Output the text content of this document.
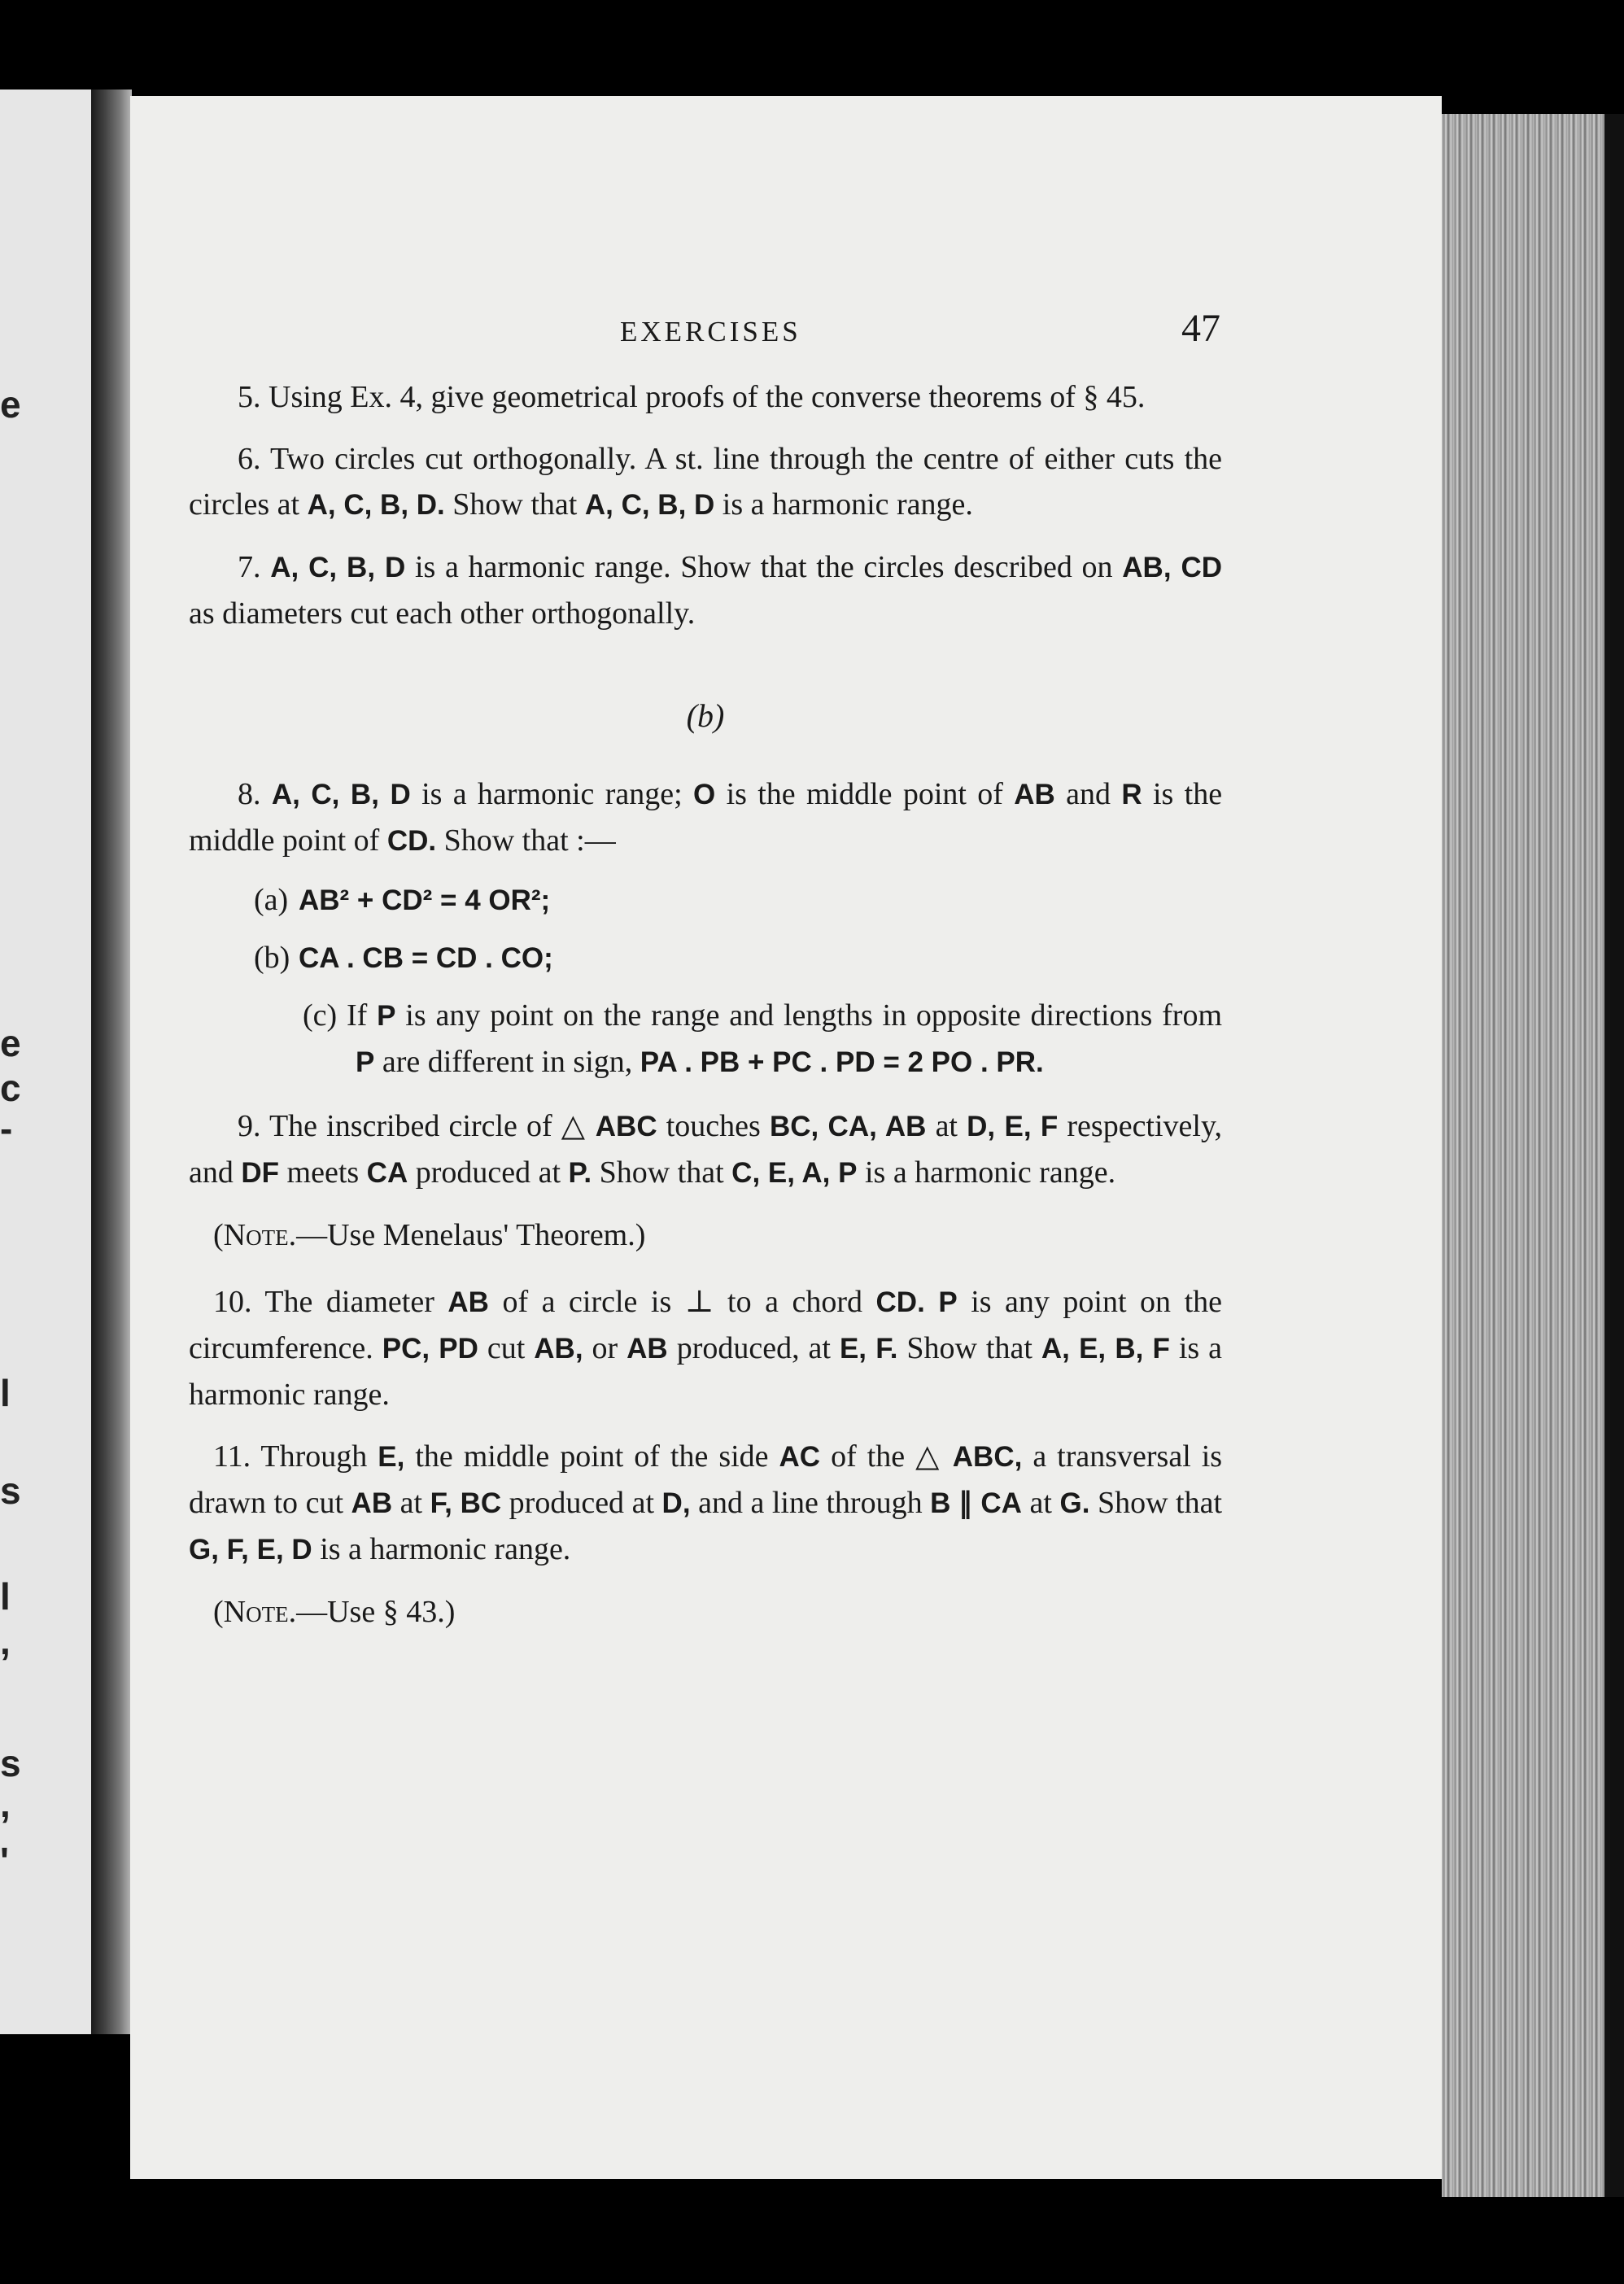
e
e
c
-
l
s
l
,
s
,
'
EXERCISES	47

5. Using Ex. 4, give geometrical proofs of the converse theorems of § 45.

6. Two circles cut orthogonally. A st. line through the centre of either cuts the circles at A, C, B, D. Show that A, C, B, D is a harmonic range.

7. A, C, B, D is a harmonic range. Show that the circles described on AB, CD as diameters cut each other orthogonally.

(b)

8. A, C, B, D is a harmonic range; O is the middle point of AB and R is the middle point of CD. Show that :—

(a) AB² + CD² = 4 OR²;

(b) CA . CB = CD . CO;

(c) If P is any point on the range and lengths in opposite directions from P are different in sign, PA . PB + PC . PD = 2 PO . PR.

9. The inscribed circle of △ ABC touches BC, CA, AB at D, E, F respectively, and DF meets CA produced at P. Show that C, E, A, P is a harmonic range.

(Note.—Use Menelaus' Theorem.)

10. The diameter AB of a circle is ⊥ to a chord CD. P is any point on the circumference. PC, PD cut AB, or AB produced, at E, F. Show that A, E, B, F is a harmonic range.

11. Through E, the middle point of the side AC of the △ ABC, a transversal is drawn to cut AB at F, BC produced at D, and a line through B ∥ CA at G. Show that G, F, E, D is a harmonic range.

(Note.—Use § 43.)
